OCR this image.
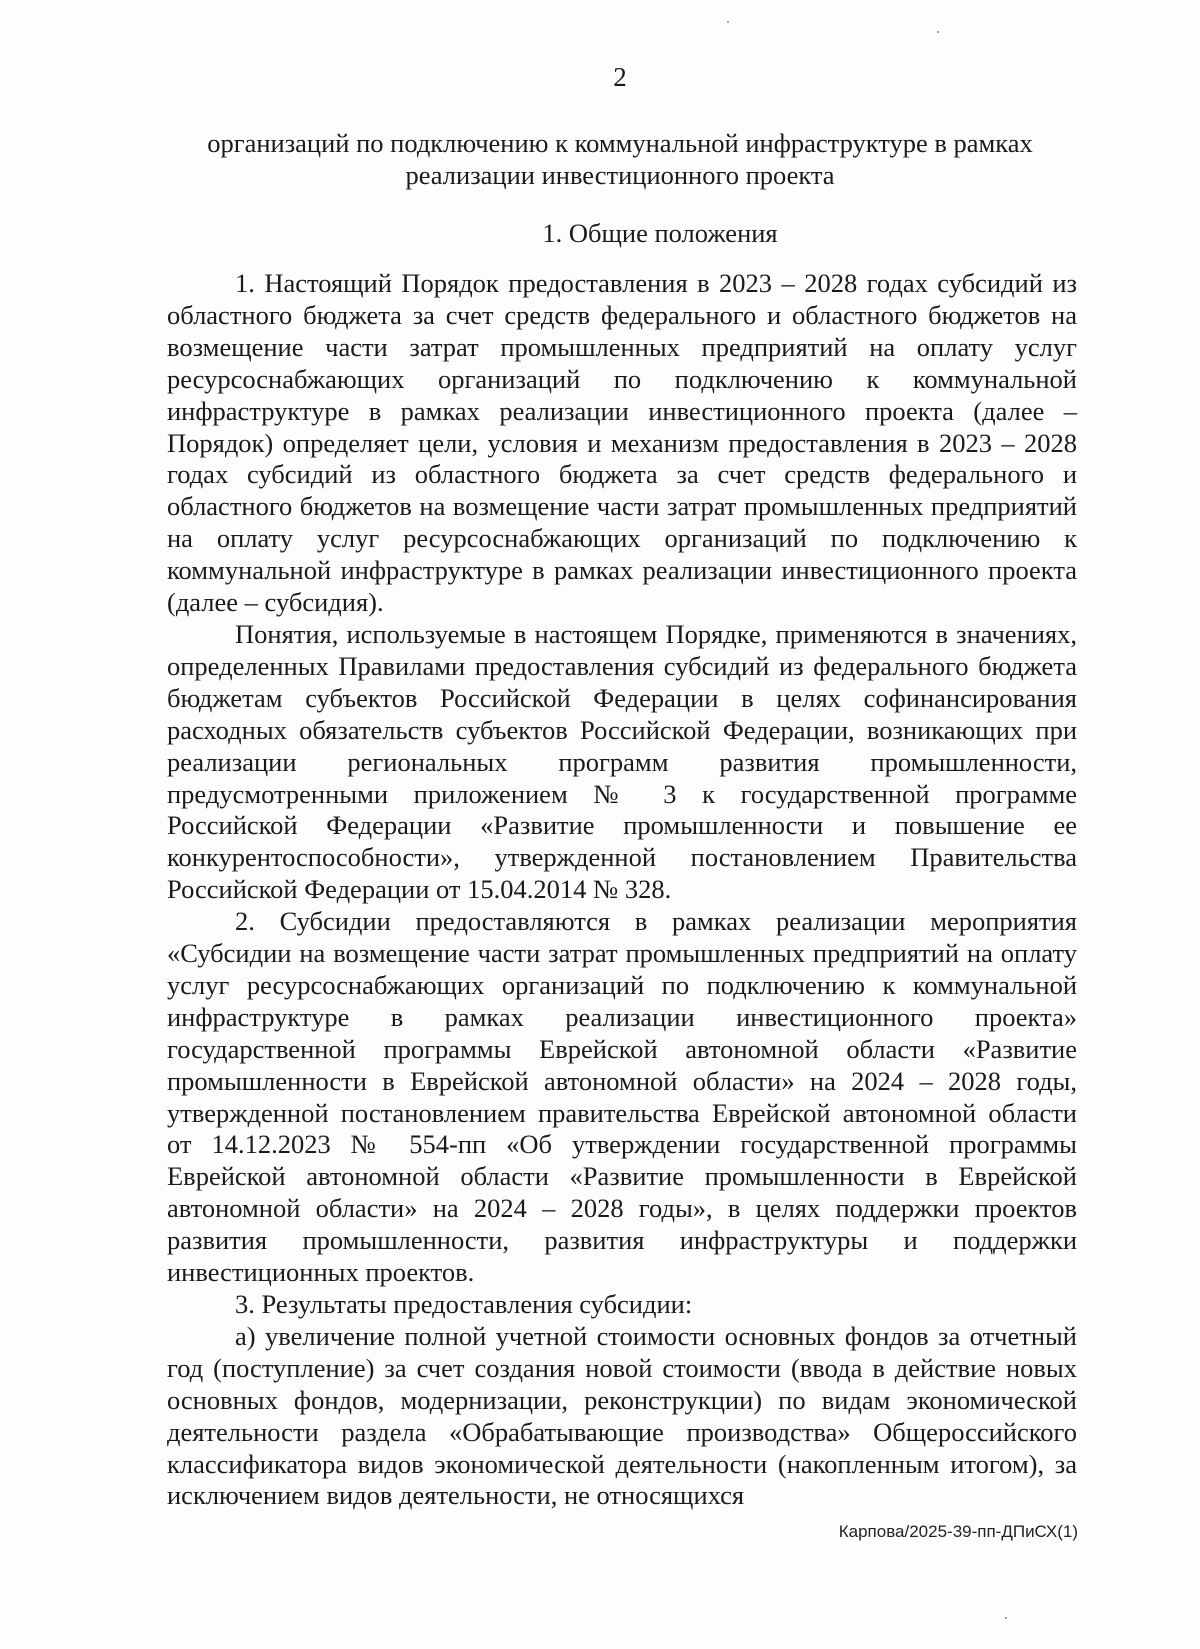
2
организаций по подключению к коммунальной инфраструктуре в рамках реализации инвестиционного проекта
1. Общие положения

1. Настоящий Порядок предоставления в 2023 – 2028 годах субсидий из областного бюджета за счет средств федерального и областного бюджетов на возмещение части затрат промышленных предприятий на оплату услуг ресурсоснабжающих организаций по подключению к коммунальной инфраструктуре в рамках реализации инвестиционного проекта (далее – Порядок) определяет цели, условия и механизм предоставления в 2023 – 2028 годах субсидий из областного бюджета за счет средств федерального и областного бюджетов на возмещение части затрат промышленных предприятий на оплату услуг ресурсоснабжающих организаций по подключению к коммунальной инфраструктуре в рамках реализации инвестиционного проекта (далее – субсидия).

Понятия, используемые в настоящем Порядке, применяются в значениях, определенных Правилами предоставления субсидий из федерального бюджета бюджетам субъектов Российской Федерации в целях софинансирования расходных обязательств субъектов Российской Федерации, возникающих при реализации региональных программ развития промышленности, предусмотренными приложением № 3 к государственной программе Российской Федерации «Развитие промышленности и повышение ее конкурентоспособности», утвержденной постановлением Правительства Российской Федерации от 15.04.2014 № 328.

2. Субсидии предоставляются в рамках реализации мероприятия «Субсидии на возмещение части затрат промышленных предприятий на оплату услуг ресурсоснабжающих организаций по подключению к коммунальной инфраструктуре в рамках реализации инвестиционного проекта» государственной программы Еврейской автономной области «Развитие промышленности в Еврейской автономной области» на 2024 – 2028 годы, утвержденной постановлением правительства Еврейской автономной области от 14.12.2023 № 554-пп «Об утверждении государственной программы Еврейской автономной области «Развитие промышленности в Еврейской автономной области» на 2024 – 2028 годы», в целях поддержки проектов развития промышленности, развития инфраструктуры и поддержки инвестиционных проектов.

3. Результаты предоставления субсидии:

а) увеличение полной учетной стоимости основных фондов за отчетный год (поступление) за счет создания новой стоимости (ввода в действие новых основных фондов, модернизации, реконструкции) по видам экономической деятельности раздела «Обрабатывающие производства» Общероссийского классификатора видов экономической деятельности (накопленным итогом), за исключением видов деятельности, не относящихся

Карпова/2025-39-пп-ДПиСХ(1)
